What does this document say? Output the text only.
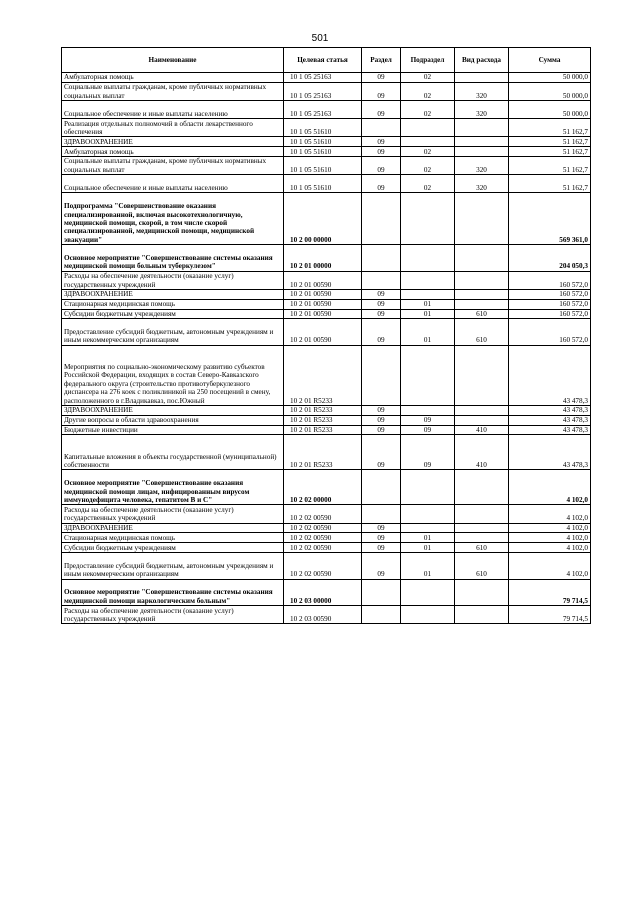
501
Наименование	Целевая статья	Раздел	Подраздел	Вид расхода	Сумма
Амбулаторная помощь	10 1 05 25163	09	02		50 000,0
Социальные выплаты гражданам, кроме публичных нормативных социальных выплат	10 1 05 25163	09	02	320	50 000,0
Социальное обеспечение и иные выплаты населению	10 1 05 25163	09	02	320	50 000,0
Реализация отдельных полномочий в области лекарственного обеспечения	10 1 05 51610				51 162,7
ЗДРАВООХРАНЕНИЕ	10 1 05 51610	09			51 162,7
Амбулаторная помощь	10 1 05 51610	09	02		51 162,7
Социальные выплаты гражданам, кроме публичных нормативных социальных выплат	10 1 05 51610	09	02	320	51 162,7
Социальное обеспечение и иные выплаты населению	10 1 05 51610	09	02	320	51 162,7
Подпрограмма "Совершенствование оказания специализированной, включая высокотехнологичную, медицинской помощи, скорой, в том числе скорой специализированной, медицинской помощи, медицинской эвакуации"	10 2 00 00000				569 361,0
Основное мероприятие "Совершенствование системы оказания медицинской помощи больным туберкулезом"	10 2 01 00000				204 050,3
Расходы на обеспечение деятельности (оказание услуг) государственных учреждений	10 2 01 00590				160 572,0
ЗДРАВООХРАНЕНИЕ	10 2 01 00590	09			160 572,0
Стационарная медицинская помощь	10 2 01 00590	09	01		160 572,0
Субсидии бюджетным учреждениям	10 2 01 00590	09	01	610	160 572,0
Предоставление субсидий бюджетным, автономным учреждениям и иным некоммерческим организациям	10 2 01 00590	09	01	610	160 572,0
Мероприятия по социально-экономическому развитию субъектов Российской Федерации, входящих в состав Северо-Кавказского федерального округа (строительство противотуберкулезного диспансера на 276 коек с поликлиникой на 250 посещений в смену, расположенного в г.Владикавказ, пос.Южный	10 2 01 R5233				43 478,3
ЗДРАВООХРАНЕНИЕ	10 2 01 R5233	09			43 478,3
Другие вопросы в области здравоохранения	10 2 01 R5233	09	09		43 478,3
Бюджетные инвестиции	10 2 01 R5233	09	09	410	43 478,3
Капитальные вложения в объекты государственной (муниципальной) собственности	10 2 01 R5233	09	09	410	43 478,3
Основное мероприятие "Совершенствование оказания медицинской помощи лицам, инфицированным вирусом иммунодефицита человека, гепатитом В и С"	10 2 02 00000				4 102,0
Расходы на обеспечение деятельности (оказание услуг) государственных учреждений	10 2 02 00590				4 102,0
ЗДРАВООХРАНЕНИЕ	10 2 02 00590	09			4 102,0
Стационарная медицинская помощь	10 2 02 00590	09	01		4 102,0
Субсидии бюджетным учреждениям	10 2 02 00590	09	01	610	4 102,0
Предоставление субсидий бюджетным, автономным учреждениям и иным некоммерческим организациям	10 2 02 00590	09	01	610	4 102,0
Основное мероприятие "Совершенствование системы оказания медицинской помощи наркологическим больным"	10 2 03 00000				79 714,5
Расходы на обеспечение деятельности (оказание услуг) государственных учреждений	10 2 03 00590				79 714,5
